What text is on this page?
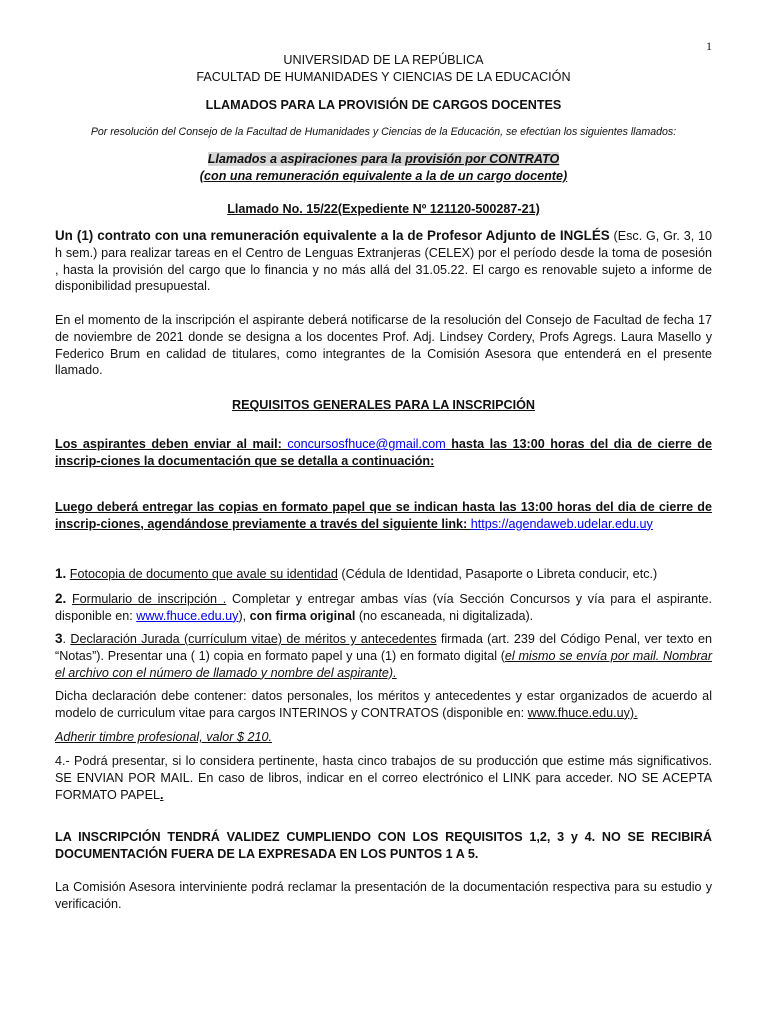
1
UNIVERSIDAD DE LA REPÚBLICA
FACULTAD DE HUMANIDADES Y CIENCIAS DE LA EDUCACIÓN
LLAMADOS PARA LA PROVISIÓN DE CARGOS DOCENTES
Por resolución del Consejo de la Facultad de Humanidades y Ciencias de la Educación, se efectúan los siguientes llamados:
Llamados a aspiraciones para la provisión por CONTRATO
(con una remuneración equivalente a la de un cargo docente)
Llamado No. 15/22(Expediente Nº 121120-500287-21)
Un (1) contrato con una remuneración equivalente a la de Profesor Adjunto de INGLÉS (Esc. G, Gr. 3, 10 h sem.) para realizar tareas en el Centro de Lenguas Extranjeras (CELEX) por el período desde la toma de posesión , hasta la provisión del cargo que lo financia y no más allá del 31.05.22. El cargo es renovable sujeto a informe de disponibilidad presupuestal.
En el momento de la inscripción el aspirante deberá notificarse de la resolución del Consejo de Facultad de fecha 17 de noviembre de 2021 donde se designa a los docentes Prof. Adj. Lindsey Cordery, Profs Agregs. Laura Masello y Federico Brum en calidad de titulares, como integrantes de la Comisión Asesora que entenderá en el presente llamado.
REQUISITOS GENERALES PARA LA INSCRIPCIÓN
Los aspirantes deben enviar al mail: concursosfhuce@gmail.com hasta las 13:00 horas del dia de cierre de inscrip-ciones la documentación que se detalla a continuación:
Luego deberá entregar las copias en formato papel que se indican hasta las 13:00 horas del dia de cierre de inscrip-ciones, agendándose previamente a través del siguiente link: https://agendaweb.udelar.edu.uy
1. Fotocopia de documento que avale su identidad (Cédula de Identidad, Pasaporte o Libreta conducir, etc.)
2. Formulario de inscripción . Completar y entregar ambas vías (vía Sección Concursos y vía para el aspirante. disponible en: www.fhuce.edu.uy), con firma original (no escaneada, ni digitalizada).
3. Declaración Jurada (currículum vitae) de méritos y antecedentes firmada (art. 239 del Código Penal, ver texto en “Notas”). Presentar una ( 1) copia en formato papel y una (1) en formato digital (el mismo se envía por mail. Nombrar el archivo con el número de llamado y nombre del aspirante).
Dicha declaración debe contener: datos personales, los méritos y antecedentes y estar organizados de acuerdo al modelo de curriculum vitae para cargos INTERINOS y CONTRATOS (disponible en: www.fhuce.edu.uy).
Adherir timbre profesional, valor $ 210.
4.- Podrá presentar, si lo considera pertinente, hasta cinco trabajos de su producción que estime más significativos. SE ENVIAN POR MAIL. En caso de libros, indicar en el correo electrónico el LINK para acceder. NO SE ACEPTA FORMATO PAPEL.
LA INSCRIPCIÓN TENDRÁ VALIDEZ CUMPLIENDO CON LOS REQUISITOS 1,2, 3 y 4. NO SE RECIBIRÁ DOCUMENTACIÓN FUERA DE LA EXPRESADA EN LOS PUNTOS 1 A 5.
La Comisión Asesora interviniente podrá reclamar la presentación de la documentación respectiva para su estudio y verificación.
